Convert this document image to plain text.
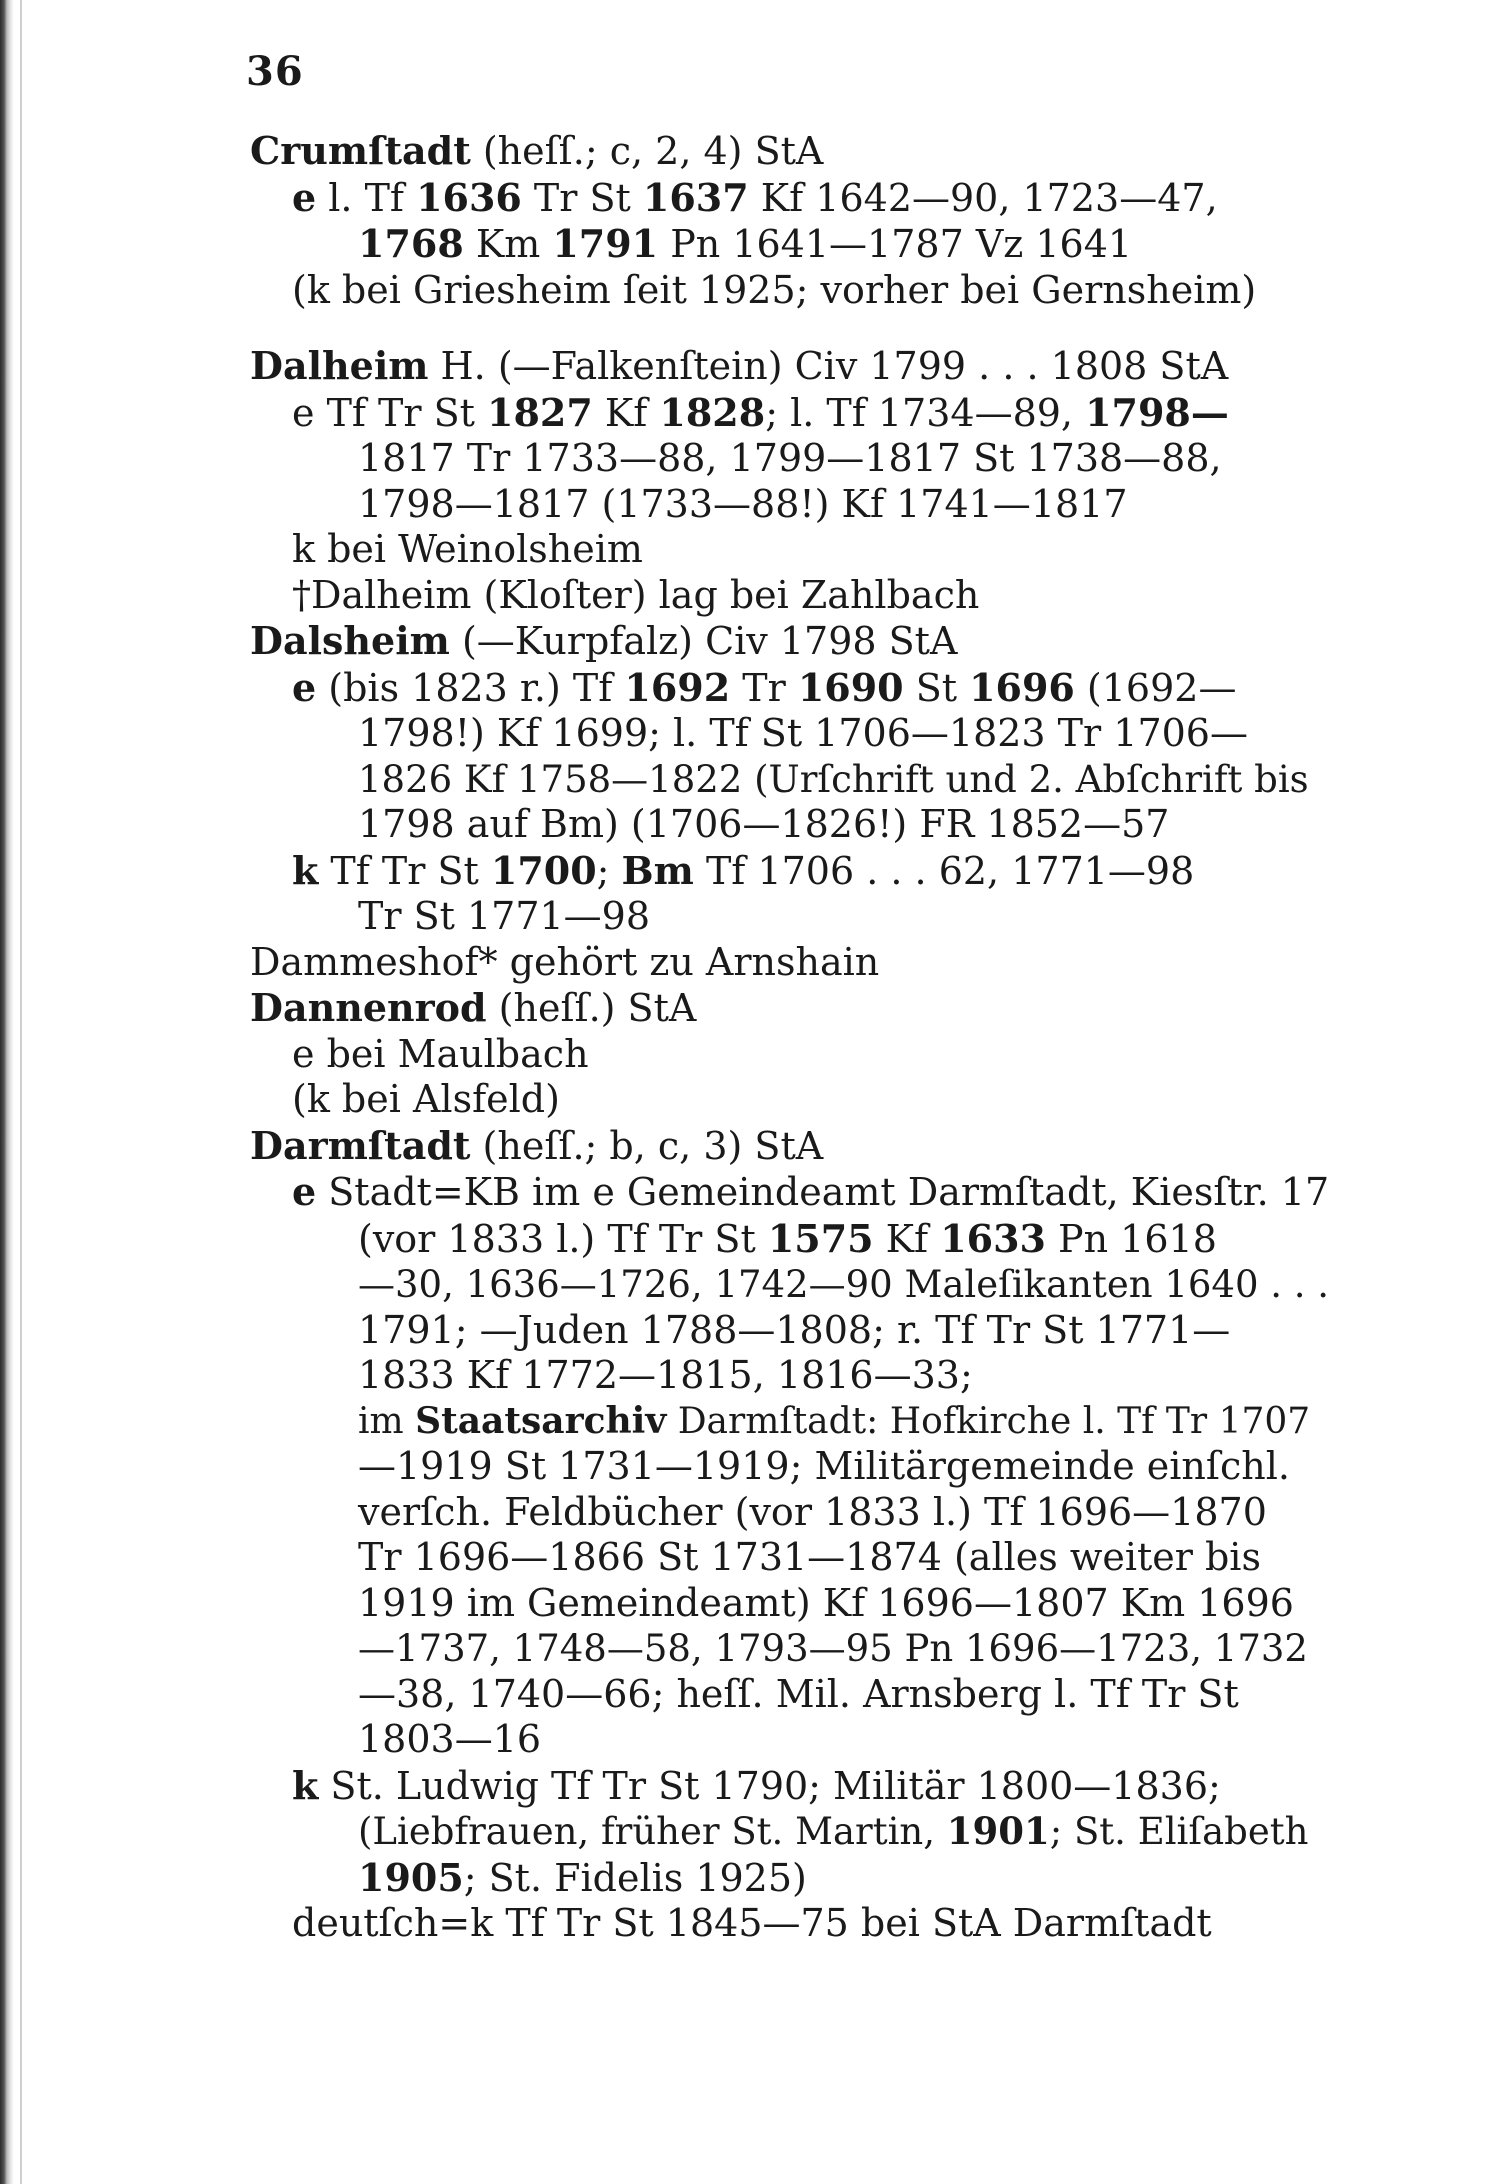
36
Crumſtadt (heſſ.; c, 2, 4) StA
e l. Tf 1636 Tr St 1637 Kf 1642—90, 1723—47,
1768 Km 1791 Pn 1641—1787 Vz 1641
(k bei Griesheim ſeit 1925; vorher bei Gernsheim)
Dalheim H. (—Falkenſtein) Civ 1799 . . . 1808 StA
e Tf Tr St 1827 Kf 1828; l. Tf 1734—89, 1798—
1817 Tr 1733—88, 1799—1817 St 1738—88,
1798—1817 (1733—88!) Kf 1741—1817
k bei Weinolsheim
†Dalheim (Kloſter) lag bei Zahlbach
Dalsheim (—Kurpfalz) Civ 1798 StA
e (bis 1823 r.) Tf 1692 Tr 1690 St 1696 (1692—
1798!) Kf 1699; l. Tf St 1706—1823 Tr 1706—
1826 Kf 1758—1822 (Urſchrift und 2. Abſchrift bis
1798 auf Bm) (1706—1826!) FR 1852—57
k Tf Tr St 1700; Bm Tf 1706 . . . 62, 1771—98
Tr St 1771—98
Dammeshof* gehört zu Arnshain
Dannenrod (heſſ.) StA
e bei Maulbach
(k bei Alsfeld)
Darmſtadt (heſſ.; b, c, 3) StA
e Stadt=KB im e Gemeindeamt Darmſtadt, Kiesſtr. 17
(vor 1833 l.) Tf Tr St 1575 Kf 1633 Pn 1618
—30, 1636—1726, 1742—90 Maleſikanten 1640 . . .
1791; —Juden 1788—1808; r. Tf Tr St 1771—
1833 Kf 1772—1815, 1816—33;
im Staatsarchiv Darmſtadt: Hofkirche l. Tf Tr 1707
—1919 St 1731—1919; Militärgemeinde einſchl.
verſch. Feldbücher (vor 1833 l.) Tf 1696—1870
Tr 1696—1866 St 1731—1874 (alles weiter bis
1919 im Gemeindeamt) Kf 1696—1807 Km 1696
—1737, 1748—58, 1793—95 Pn 1696—1723, 1732
—38, 1740—66; heſſ. Mil. Arnsberg l. Tf Tr St
1803—16
k St. Ludwig Tf Tr St 1790; Militär 1800—1836;
(Liebfrauen, früher St. Martin, 1901; St. Eliſabeth
1905; St. Fidelis 1925)
deutſch=k Tf Tr St 1845—75 bei StA Darmſtadt
